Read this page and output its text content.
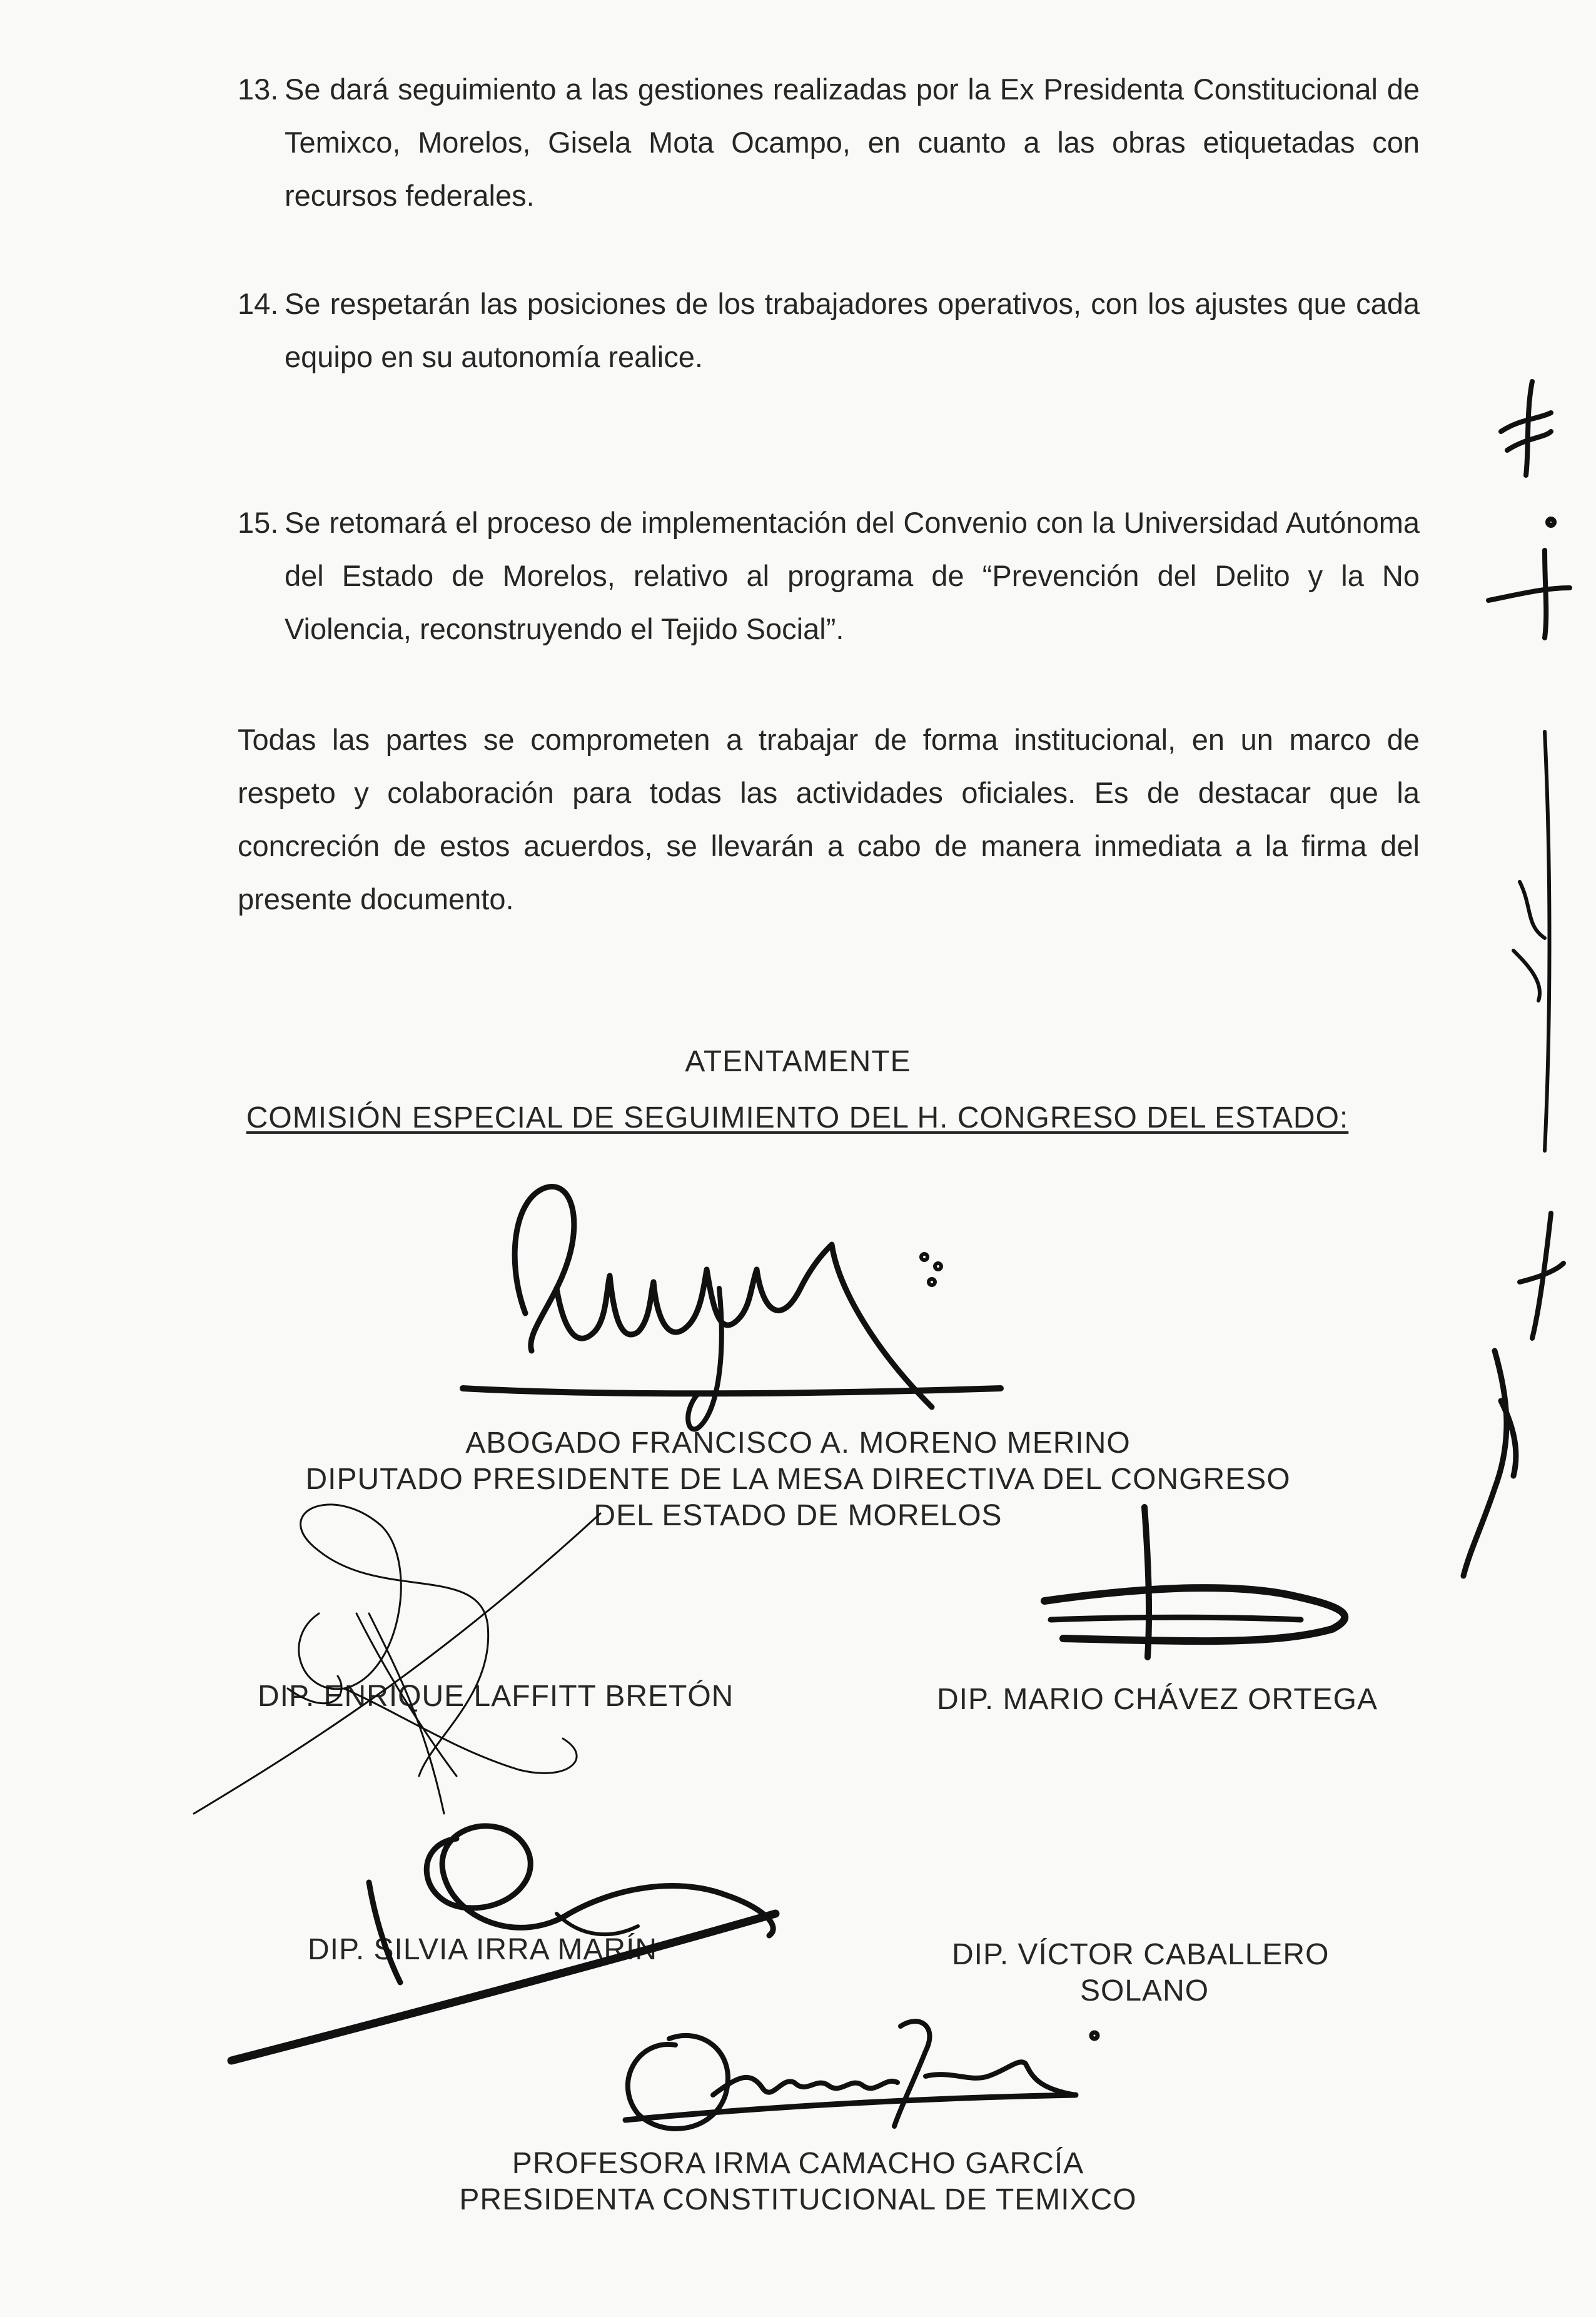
13. Se dará seguimiento a las gestiones realizadas por la Ex Presidenta Constitucional de Temixco, Morelos, Gisela Mota Ocampo, en cuanto a las obras etiquetadas con recursos federales.
14. Se respetarán las posiciones de los trabajadores operativos, con los ajustes que cada equipo en su autonomía realice.
15. Se retomará el proceso de implementación del Convenio con la Universidad Autónoma del Estado de Morelos, relativo al programa de “Prevención del Delito y la No Violencia, reconstruyendo el Tejido Social”.
Todas las partes se comprometen a trabajar de forma institucional, en un marco de respeto y colaboración para todas las actividades oficiales. Es de destacar que la concreción de estos acuerdos, se llevarán a cabo de manera inmediata a la firma del presente documento.
ATENTAMENTE
COMISIÓN ESPECIAL DE SEGUIMIENTO DEL H. CONGRESO DEL ESTADO:
ABOGADO FRANCISCO A. MORENO MERINO
DIPUTADO PRESIDENTE DE LA MESA DIRECTIVA DEL CONGRESO
DEL ESTADO DE MORELOS
DIP. ENRIQUE LAFFITT BRETÓN	DIP. MARIO CHÁVEZ ORTEGA
DIP. SILVIA IRRA MARÍN	DIP. VÍCTOR CABALLERO
SOLANO
PROFESORA IRMA CAMACHO GARCÍA
PRESIDENTA CONSTITUCIONAL DE TEMIXCO
